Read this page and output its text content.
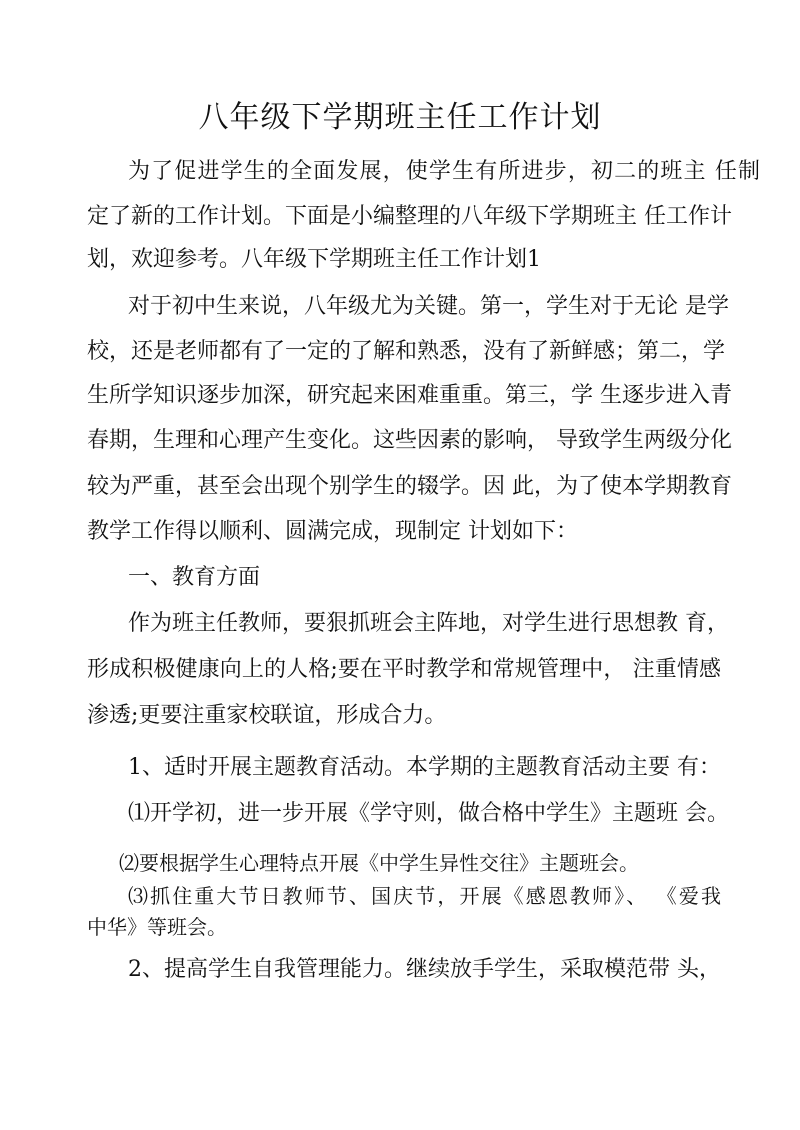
八年级下学期班主任工作计划
为了促进学生的全面发展，使学生有所进步，初二的班主 任制
定了新的工作计划。下面是小编整理的八年级下学期班主 任工作计
划，欢迎参考。八年级下学期班主任工作计划1
对于初中生来说，八年级尤为关键。第一，学生对于无论 是学
校，还是老师都有了一定的了解和熟悉，没有了新鲜感；第二，学
生所学知识逐步加深，研究起来困难重重。第三，学 生逐步进入青
春期，生理和心理产生变化。这些因素的影响， 导致学生两级分化
较为严重，甚至会出现个别学生的辍学。因 此，为了使本学期教育
教学工作得以顺利、圆满完成，现制定 计划如下：
一、教育方面
作为班主任教师，要狠抓班会主阵地，对学生进行思想教 育，
形成积极健康向上的人格;要在平时教学和常规管理中， 注重情感
渗透;更要注重家校联谊，形成合力。
1、适时开展主题教育活动。本学期的主题教育活动主要 有：
⑴开学初，进一步开展《学守则，做合格中学生》主题班 会。
⑵要根据学生心理特点开展《中学生异性交往》主题班会。
⑶抓住重大节日教师节、国庆节，开展《感恩教师》、 《爱我
中华》等班会。
2、提高学生自我管理能力。继续放手学生，采取模范带 头，
